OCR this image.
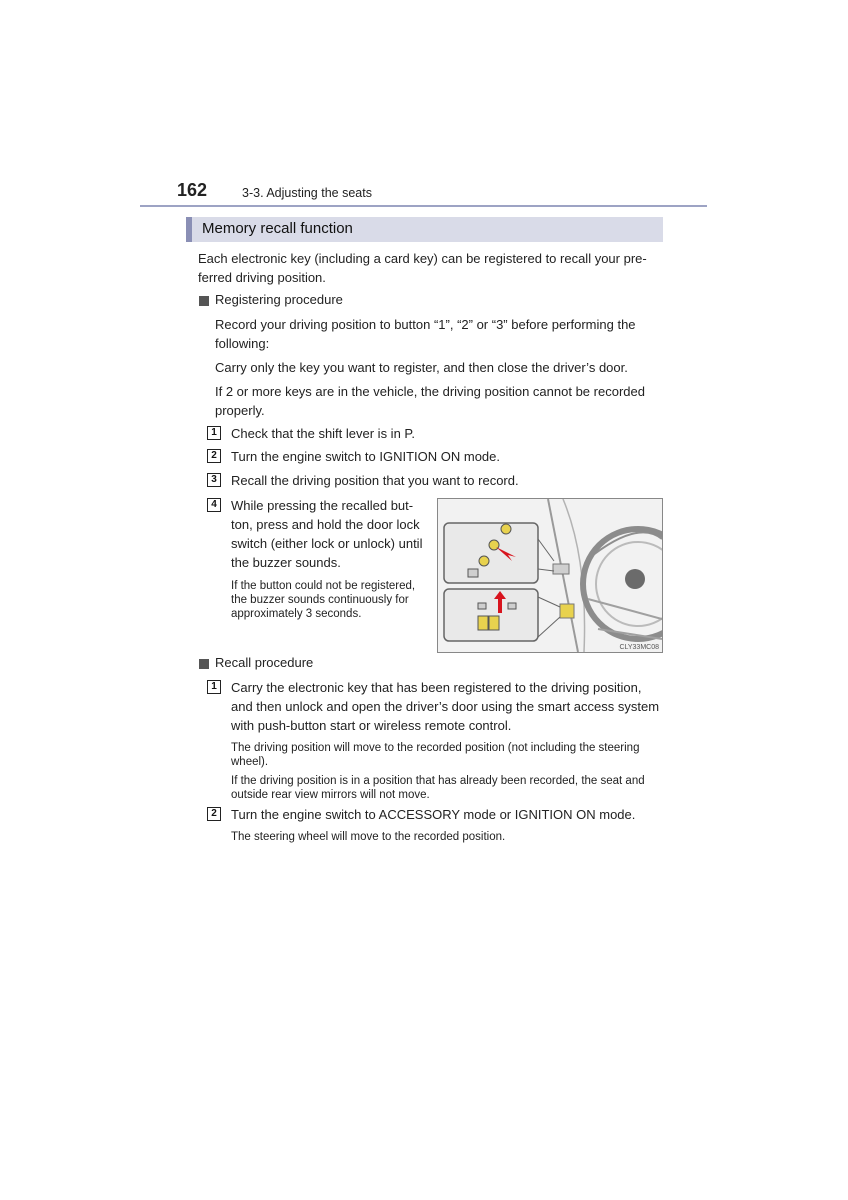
162	3-3. Adjusting the seats
Memory recall function
Each electronic key (including a card key) can be registered to recall your pre-
ferred driving position.
Registering procedure
Record your driving position to button “1”, “2” or “3” before performing the
following:
Carry only the key you want to register, and then close the driver’s door.
If 2 or more keys are in the vehicle, the driving position cannot be recorded
properly.
1	Check that the shift lever is in P.
2	Turn the engine switch to IGNITION ON mode.
3	Recall the driving position that you want to record.
4	While pressing the recalled but-
ton, press and hold the door lock
switch (either lock or unlock) until
the buzzer sounds.
If the button could not be registered,
the buzzer sounds continuously for
approximately 3 seconds.
CLY33MC08
Recall procedure
1	Carry the electronic key that has been registered to the driving position,
and then unlock and open the driver’s door using the smart access system
with push-button start or wireless remote control.
The driving position will move to the recorded position (not including the steering
wheel).
If the driving position is in a position that has already been recorded, the seat and
outside rear view mirrors will not move.
2	Turn the engine switch to ACCESSORY mode or IGNITION ON mode.
The steering wheel will move to the recorded position.
